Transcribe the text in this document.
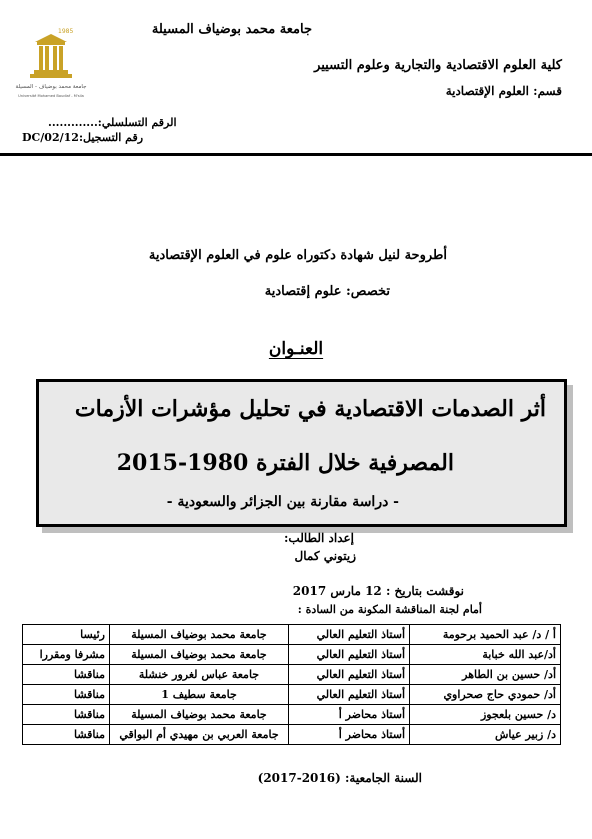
1985
جامعة محمد بوضياف - المسيلة
Université Mohamed Boudiaf - M'sila
جامعة محمد بوضياف المسيلة
كلية العلوم الاقتصادية والتجارية وعلوم التسيير
قسم: العلوم الإقتصادية
الرقم التسلسلي:.............
رقم التسجيل:DC/02/12
أطروحة لنيل شهادة دكتوراه علوم في العلوم الإقتصادية
تخصص: علوم إقتصادية
العنـوان
أثر الصدمات الاقتصادية في تحليل مؤشرات الأزمات
المصرفية خلال الفترة 1980-2015
- دراسة مقارنة بين الجزائر والسعودية -
إعداد الطالب:
زيتوني كمال
نوقشت بتاريخ : 12 مارس 2017
أمام لجنة المناقشة المكونة من السادة :
أ / د/ عبد الحميد برحومة	أستاذ التعليم العالي	جامعة محمد بوضياف المسيلة	رئيسا
أد/عبد الله خبابة	أستاذ التعليم العالي	جامعة محمد بوضياف المسيلة	مشرفا ومقررا
أد/ حسين بن الطاهر	أستاذ التعليم العالي	جامعة عباس لغرور خنشلة	مناقشا
أد/ حمودي حاج صحراوي	أستاذ التعليم العالي	جامعة سطيف 1	مناقشا
د/ حسين بلعجوز	أستاذ محاضر أ	جامعة محمد بوضياف المسيلة	مناقشا
د/ زبير عياش	أستاذ محاضر أ	جامعة العربي بن مهيدي أم البواقي	مناقشا
السنة الجامعية: (2016-2017)
